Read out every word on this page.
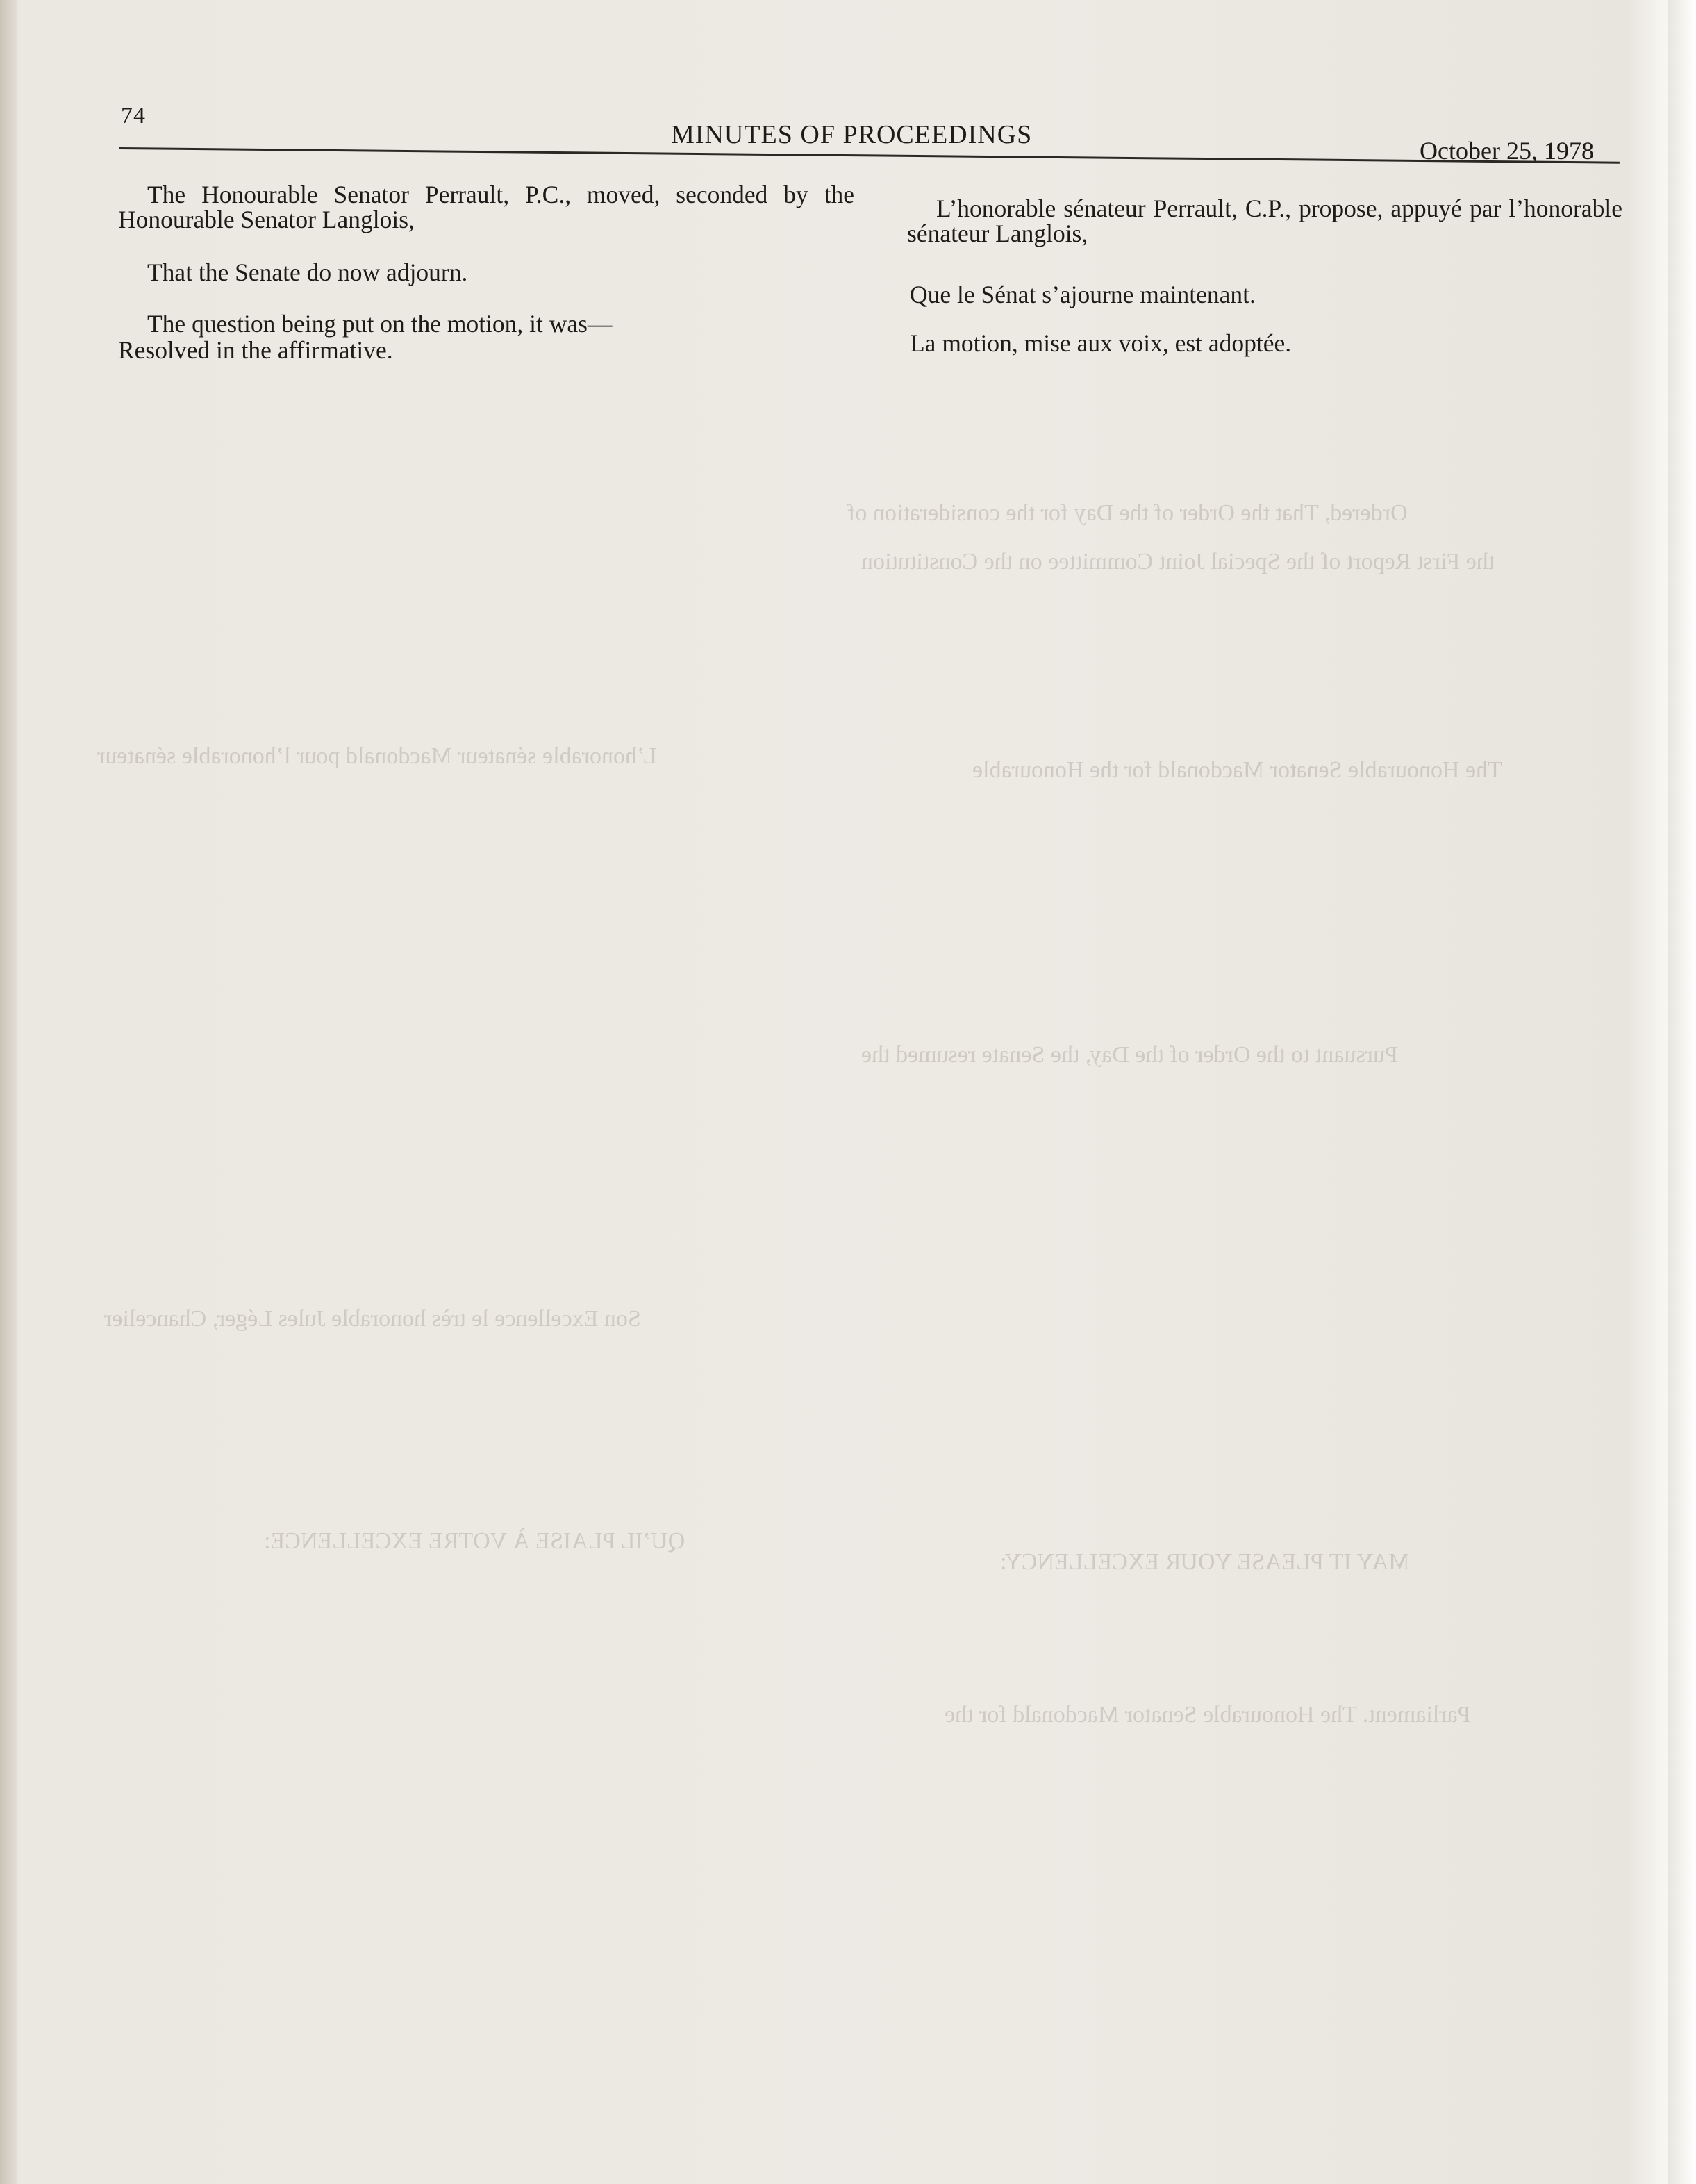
Ordered, That the Order of the Day for the consideration of
the First Report of the Special Joint Committee on the Constitution
The Honourable Senator Macdonald for the Honourable
Pursuant to the Order of the Day, the Senate resumed the
MAY IT PLEASE YOUR EXCELLENCY:
Parliament. The Honourable Senator Macdonald for the
QU’IL PLAISE À VOTRE EXCELLENCE:
L’honorable sénateur Macdonald pour l’honorable sénateur
Son Excellence le très honorable Jules Léger, Chancelier
74
MINUTES OF PROCEEDINGS
October 25, 1978

The Honourable Senator Perrault, P.C., moved, seconded by the Honourable Senator Langlois,

That the Senate do now adjourn.

The question being put on the motion, it was—

Resolved in the affirmative.

L’honorable sénateur Perrault, C.P., propose, appuyé par l’honorable sénateur Langlois,

Que le Sénat s’ajourne maintenant.

La motion, mise aux voix, est adoptée.
